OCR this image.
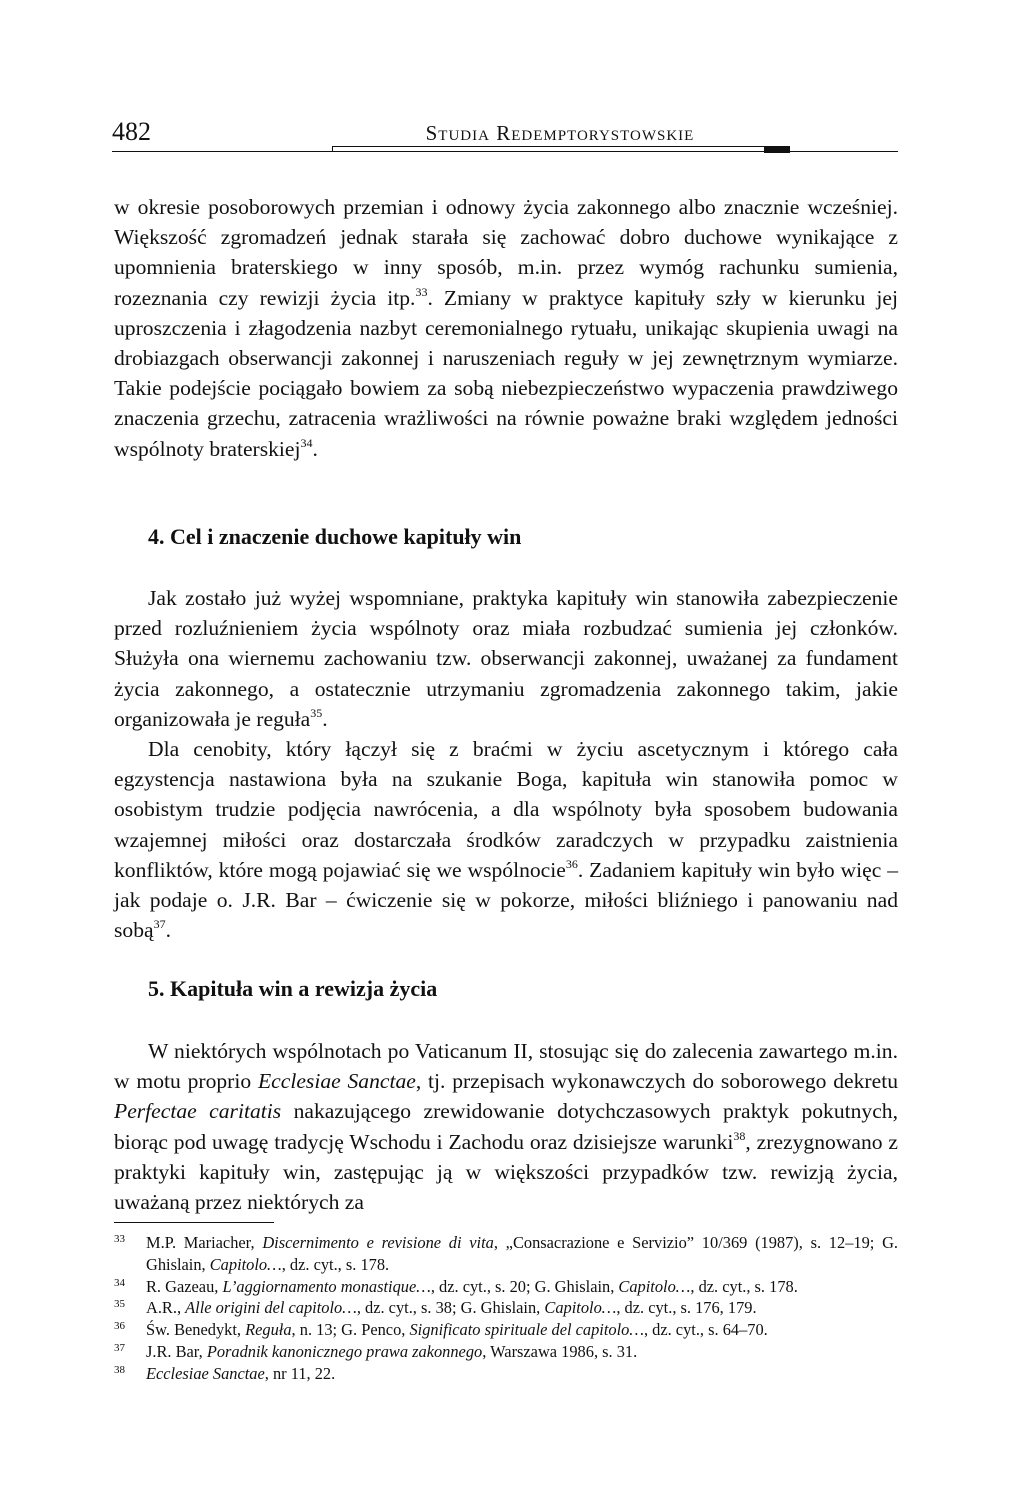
482	Studia Redemptorystowskie

w okresie posoborowych przemian i odnowy życia zakonnego albo znacznie wcześniej. Większość zgromadzeń jednak starała się zachować dobro duchowe wynikające z upomnienia braterskiego w inny sposób, m.in. przez wymóg rachunku sumienia, rozeznania czy rewizji życia itp.$^{33}$. Zmiany w praktyce kapituły szły w kierunku jej uproszczenia i złagodzenia nazbyt ceremonialnego rytuału, unikając skupienia uwagi na drobiazgach obserwancji zakonnej i naruszeniach reguły w jej zewnętrznym wymiarze. Takie podejście pociągało bowiem za sobą niebezpieczeństwo wypaczenia prawdziwego znaczenia grzechu, zatracenia wrażliwości na równie poważne braki względem jedności wspólnoty braterskiej$^{34}$.

4. Cel i znaczenie duchowe kapituły win

Jak zostało już wyżej wspomniane, praktyka kapituły win stanowiła zabezpieczenie przed rozluźnieniem życia wspólnoty oraz miała rozbudzać sumienia jej członków. Służyła ona wiernemu zachowaniu tzw. obserwancji zakonnej, uważanej za fundament życia zakonnego, a ostatecznie utrzymaniu zgromadzenia zakonnego takim, jakie organizowała je reguła$^{35}$.

Dla cenobity, który łączył się z braćmi w życiu ascetycznym i którego cała egzystencja nastawiona była na szukanie Boga, kapituła win stanowiła pomoc w osobistym trudzie podjęcia nawrócenia, a dla wspólnoty była sposobem budowania wzajemnej miłości oraz dostarczała środków zaradczych w przypadku zaistnienia konfliktów, które mogą pojawiać się we wspólnocie$^{36}$. Zadaniem kapituły win było więc – jak podaje o. J.R. Bar – ćwiczenie się w pokorze, miłości bliźniego i panowaniu nad sobą$^{37}$.

5. Kapituła win a rewizja życia

W niektórych wspólnotach po Vaticanum II, stosując się do zalecenia zawartego m.in. w motu proprio Ecclesiae Sanctae, tj. przepisach wykonawczych do soborowego dekretu Perfectae caritatis nakazującego zrewidowanie dotychczasowych praktyk pokutnych, biorąc pod uwagę tradycję Wschodu i Zachodu oraz dzisiejsze warunki$^{38}$, zrezygnowano z praktyki kapituły win, zastępując ją w większości przypadków tzw. rewizją życia, uważaną przez niektórych za

33 M.P. Mariacher, Discernimento e revisione di vita, „Consacrazione e Servizio” 10/369 (1987), s. 12–19; G. Ghislain, Capitolo…, dz. cyt., s. 178.

34 R. Gazeau, L’aggiornamento monastique…, dz. cyt., s. 20; G. Ghislain, Capitolo…, dz. cyt., s. 178.

35 A.R., Alle origini del capitolo…, dz. cyt., s. 38; G. Ghislain, Capitolo…, dz. cyt., s. 176, 179.

36 Św. Benedykt, Reguła, n. 13; G. Penco, Significato spirituale del capitolo…, dz. cyt., s. 64–70.

37 J.R. Bar, Poradnik kanonicznego prawa zakonnego, Warszawa 1986, s. 31.

38 Ecclesiae Sanctae, nr 11, 22.
